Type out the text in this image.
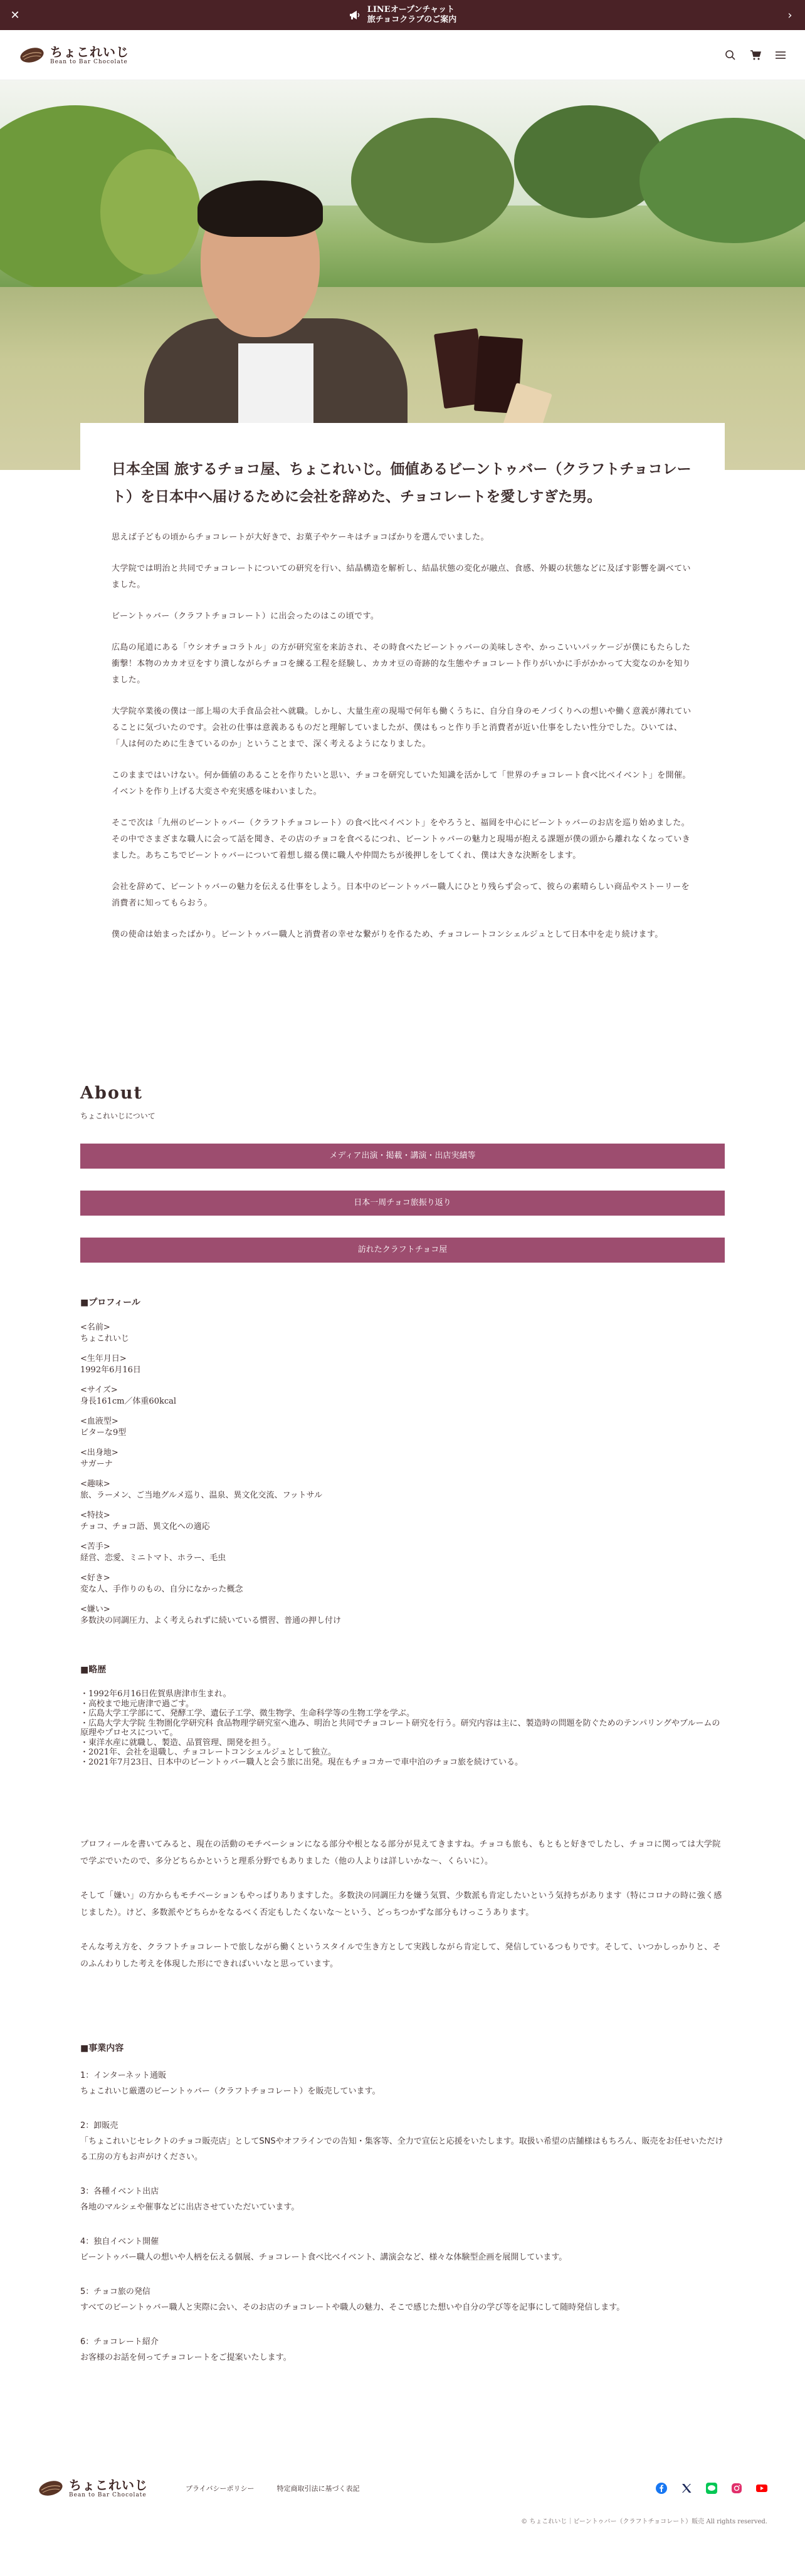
✕	LINEオープンチャット
旅チョコクラブのご案内	›
ちょこれいじ
Bean to Bar Chocolate
日本全国 旅するチョコ屋、ちょこれいじ。価値あるビーントゥバー（クラフトチョコレート）を日本中へ届けるために会社を辞めた、チョコレートを愛しすぎた男。

思えば子どもの頃からチョコレートが大好きで、お菓子やケーキはチョコばかりを選んでいました。

大学院では明治と共同でチョコレートについての研究を行い、結晶構造を解析し、結晶状態の変化が融点、食感、外観の状態などに及ぼす影響を調べていました。

ビーントゥバー（クラフトチョコレート）に出会ったのはこの頃です。

広島の尾道にある「ウシオチョコラトル」の方が研究室を来訪され、その時食べたビーントゥバーの美味しさや、かっこいいパッケージが僕にもたらした衝撃！本物のカカオ豆をすり潰しながらチョコを練る工程を経験し、カカオ豆の奇跡的な生態やチョコレート作りがいかに手がかかって大変なのかを知りました。

大学院卒業後の僕は一部上場の大手食品会社へ就職。しかし、大量生産の現場で何年も働くうちに、自分自身のモノづくりへの想いや働く意義が薄れていることに気づいたのです。会社の仕事は意義あるものだと理解していましたが、僕はもっと作り手と消費者が近い仕事をしたい性分でした。ひいては、「人は何のために生きているのか」ということまで、深く考えるようになりました。

このままではいけない。何か価値のあることを作りたいと思い、チョコを研究していた知識を活かして「世界のチョコレート食べ比べイベント」を開催。イベントを作り上げる大変さや充実感を味わいました。

そこで次は「九州のビーントゥバー（クラフトチョコレート）の食べ比べイベント」をやろうと、福岡を中心にビーントゥバーのお店を巡り始めました。その中でさまざまな職人に会って話を聞き、その店のチョコを食べるにつれ、ビーントゥバーの魅力と現場が抱える課題が僕の頭から離れなくなっていきました。あちこちでビーントゥバーについて着想し綴る僕に職人や仲間たちが後押しをしてくれ、僕は大きな決断をします。

会社を辞めて、ビーントゥバーの魅力を伝える仕事をしよう。日本中のビーントゥバー職人にひとり残らず会って、彼らの素晴らしい商品やストーリーを消費者に知ってもらおう。

僕の使命は始まったばかり。ビーントゥバー職人と消費者の幸せな繋がりを作るため、チョコレートコンシェルジュとして日本中を走り続けます。

About
ちょこれいじについて
メディア出演・掲載・講演・出店実績等
日本一周チョコ旅振り返り
訪れたクラフトチョコ屋
■プロフィール
<名前>
ちょこれいじ
<生年月日>
1992年6月16日
<サイズ>
身長161cm／体重60kcal
<血液型>
ビターな9型
<出身地>
サガーナ
<趣味>
旅、ラーメン、ご当地グルメ巡り、温泉、異文化交流、フットサル
<特技>
チョコ、チョコ語、異文化への適応
<苦手>
経営、恋愛、ミニトマト、ホラー、毛虫
<好き>
変な人、手作りのもの、自分になかった概念
<嫌い>
多数決の同調圧力、よく考えられずに続いている慣習、普通の押し付け
■略歴
・1992年6月16日佐賀県唐津市生まれ。
・高校まで地元唐津で過ごす。
・広島大学工学部にて、発酵工学、遺伝子工学、微生物学、生命科学等の生物工学を学ぶ。
・広島大学大学院 生物圏化学研究科 食品物理学研究室へ進み、明治と共同でチョコレート研究を行う。研究内容は主に、製造時の問題を防ぐためのテンパリングやブルームの原理やプロセスについて。
・東洋水産に就職し、製造、品質管理、開発を担う。
・2021年、会社を退職し、チョコレートコンシェルジュとして独立。
・2021年7月23日、日本中のビーントゥバー職人と会う旅に出発。現在もチョコカーで車中泊のチョコ旅を続けている。

プロフィールを書いてみると、現在の活動のモチベーションになる部分や根となる部分が見えてきますね。チョコも旅も、もともと好きでしたし、チョコに関っては大学院で学ぶでいたので、多分どちらかというと理系分野でもありました（他の人よりは詳しいかな〜、くらいに）。

そして「嫌い」の方からもモチベーションもやっぱりありますした。多数決の同調圧力を嫌う気質、少数派も肯定したいという気持ちがあります（特にコロナの時に強く感じました）。けど、多数派やどちらかをなるべく否定もしたくないな〜という、どっちつかずな部分もけっこうあります。

そんな考え方を、クラフトチョコレートで旅しながら働くというスタイルで生き方として実践しながら肯定して、発信しているつもりです。そして、いつかしっかりと、そのふんわりした考えを体現した形にできればいいなと思っています。

■事業内容
1：インターネット通販
ちょこれいじ厳選のビーントゥバー（クラフトチョコレート）を販売しています。
2：卸販売
「ちょこれいじセレクトのチョコ販売店」としてSNSやオフラインでの告知・集客等、全力で宣伝と応援をいたします。取扱い希望の店舗様はもちろん、販売をお任せいただける工房の方もお声がけください。
3：各種イベント出店
各地のマルシェや催事などに出店させていただいています。
4：独自イベント開催
ビーントゥバー職人の想いや人柄を伝える個展、チョコレート食べ比べイベント、講演会など、様々な体験型企画を展開しています。
5：チョコ旅の発信
すべてのビーントゥバー職人と実際に会い、そのお店のチョコレートや職人の魅力、そこで感じた想いや自分の学び等を記事にして随時発信します。
6：チョコレート紹介
お客様のお話を伺ってチョコレートをご提案いたします。
ちょこれいじ
Bean to Bar Chocolate
プライバシーポリシー	特定商取引法に基づく表記
© ちょこれいじ｜ビーントゥバー（クラフトチョコレート）販売 All rights reserved.
